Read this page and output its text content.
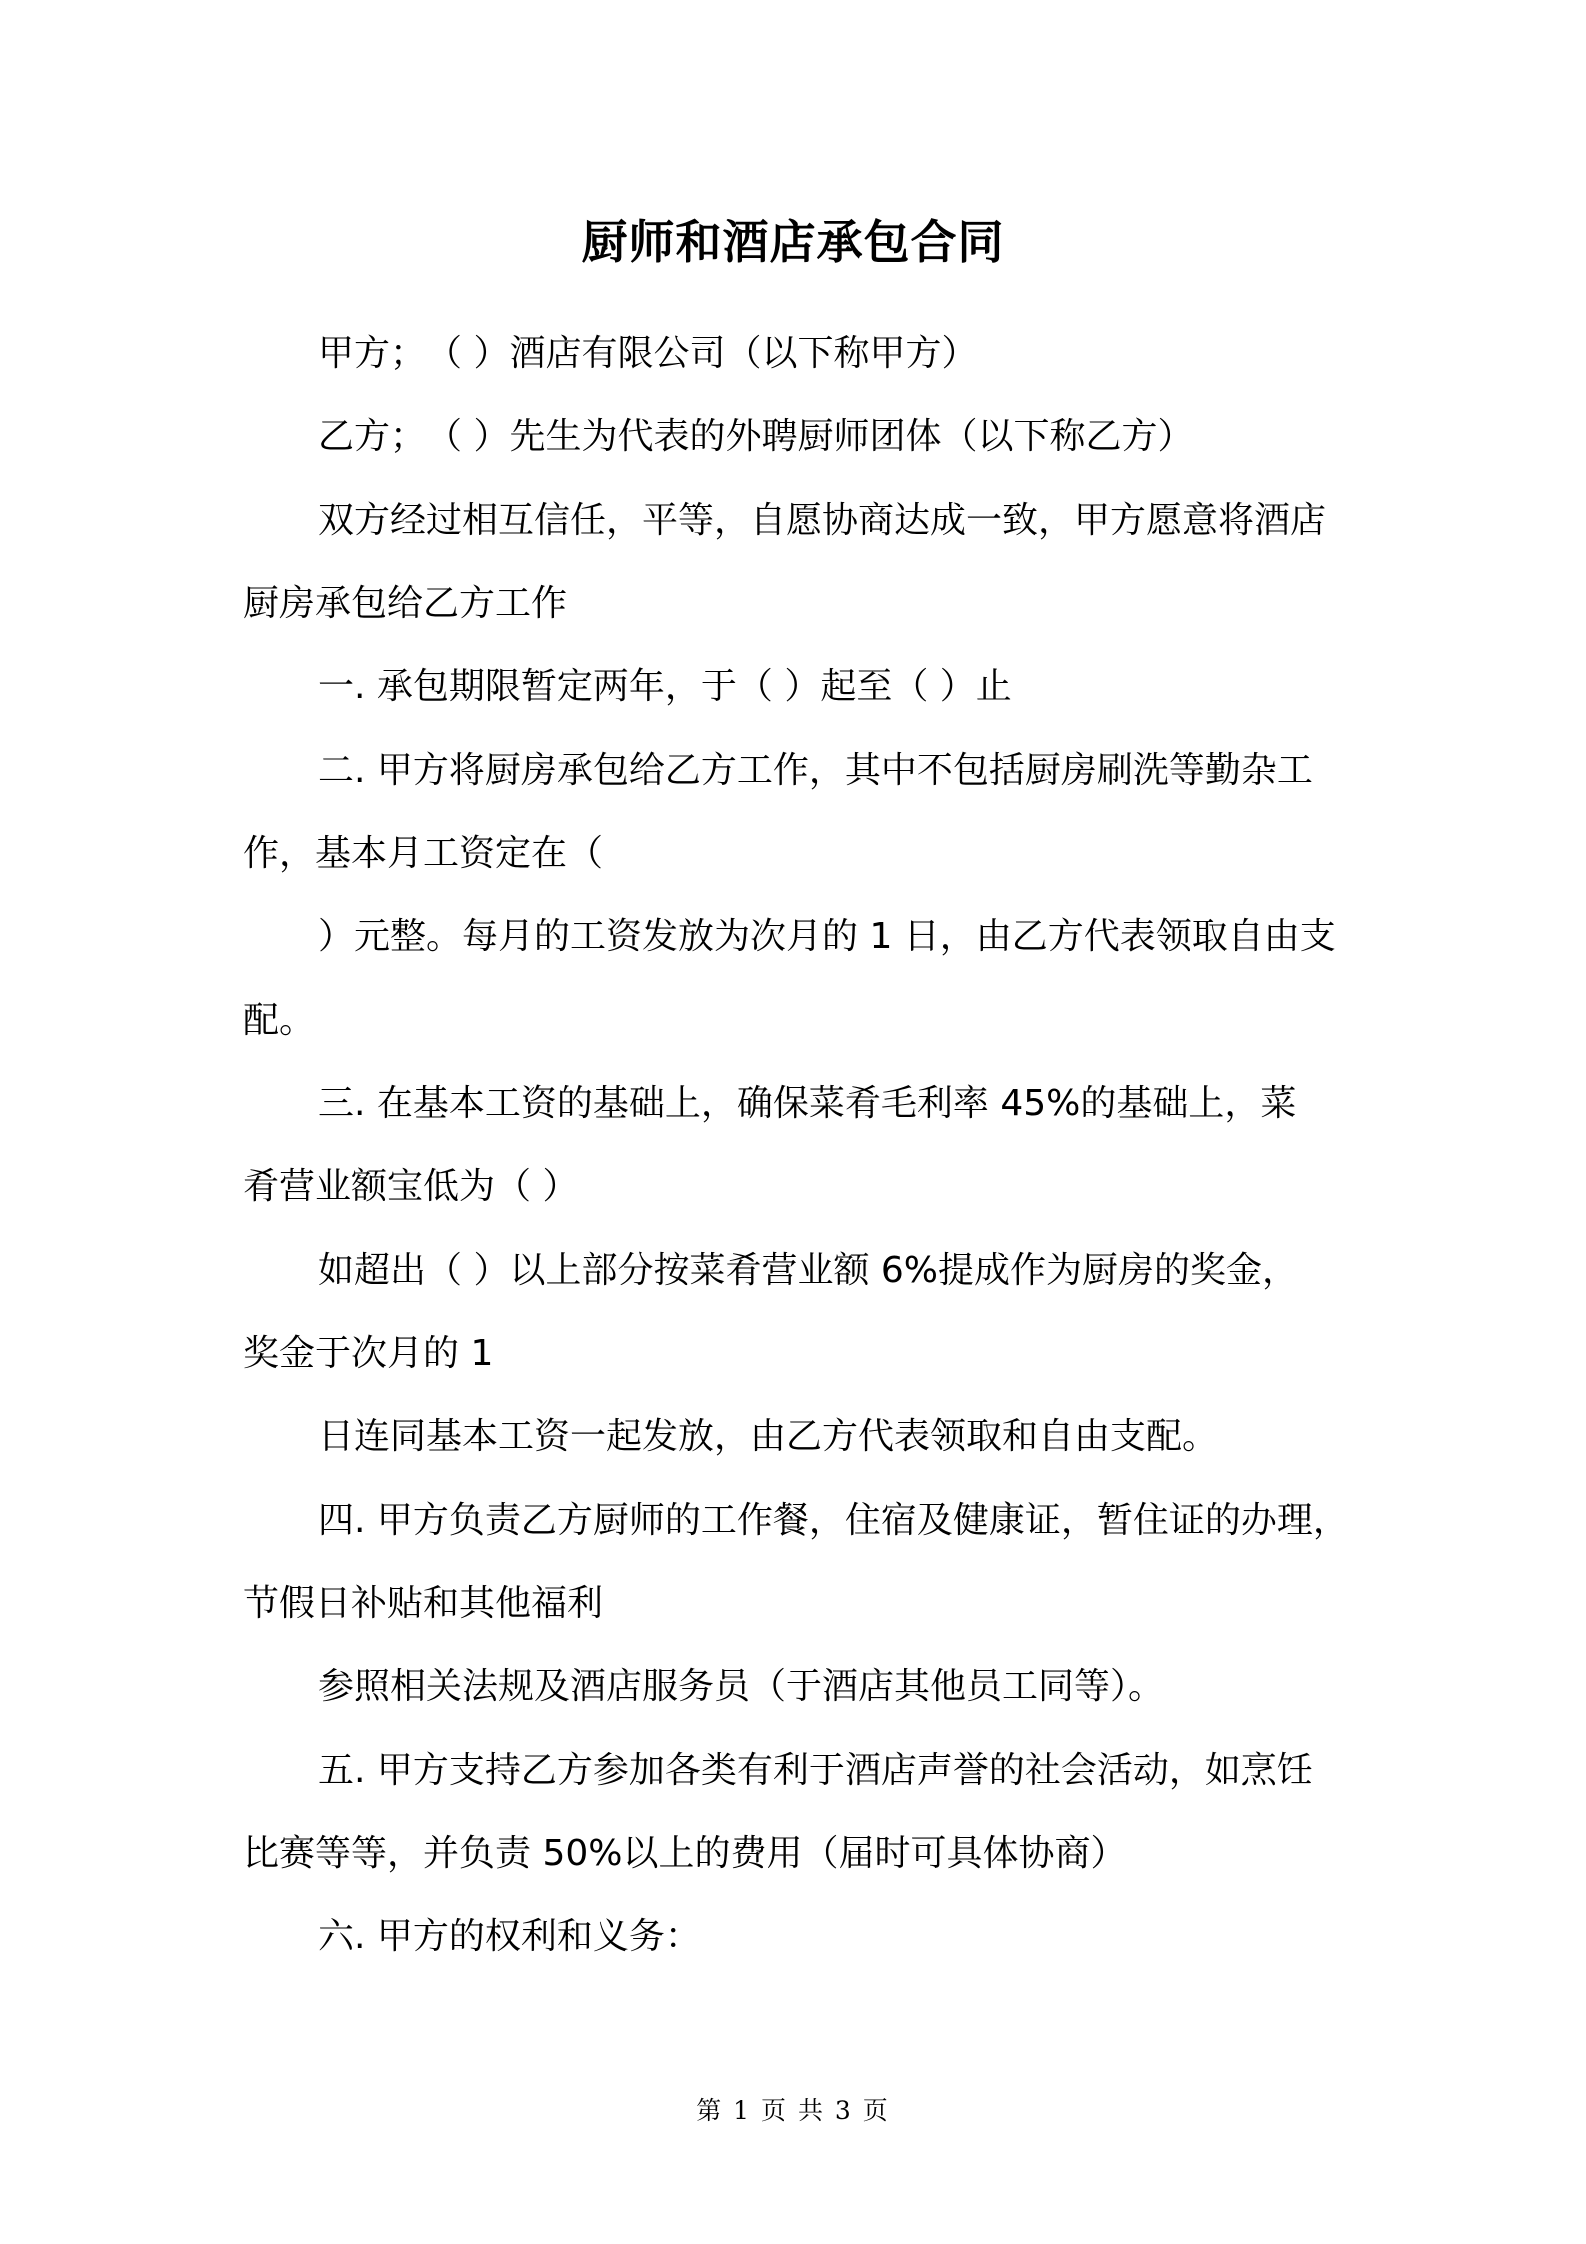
厨师和酒店承包合同
甲方；　（ ）酒店有限公司（以下称甲方）
乙方；　（ ）先生为代表的外聘厨师团体（以下称乙方）
双方经过相互信任，平等，自愿协商达成一致，甲方愿意将酒店
厨房承包给乙方工作
一. 承包期限暂定两年，于（ ）起至（ ）止
二. 甲方将厨房承包给乙方工作，其中不包括厨房刷洗等勤杂工
作，基本月工资定在（
）元整。每月的工资发放为次月的 1 日，由乙方代表领取自由支
配。
三. 在基本工资的基础上，确保菜肴毛利率 45%的基础上，菜
肴营业额宝低为（ ）
如超出（ ）以上部分按菜肴营业额 6%提成作为厨房的奖金，
奖金于次月的 1
日连同基本工资一起发放，由乙方代表领取和自由支配。
四. 甲方负责乙方厨师的工作餐，住宿及健康证，暂住证的办理，
节假日补贴和其他福利
参照相关法规及酒店服务员（于酒店其他员工同等）。
五. 甲方支持乙方参加各类有利于酒店声誉的社会活动，如烹饪
比赛等等，并负责 50%以上的费用（届时可具体协商）
六. 甲方的权利和义务：
第 1 页 共 3 页
